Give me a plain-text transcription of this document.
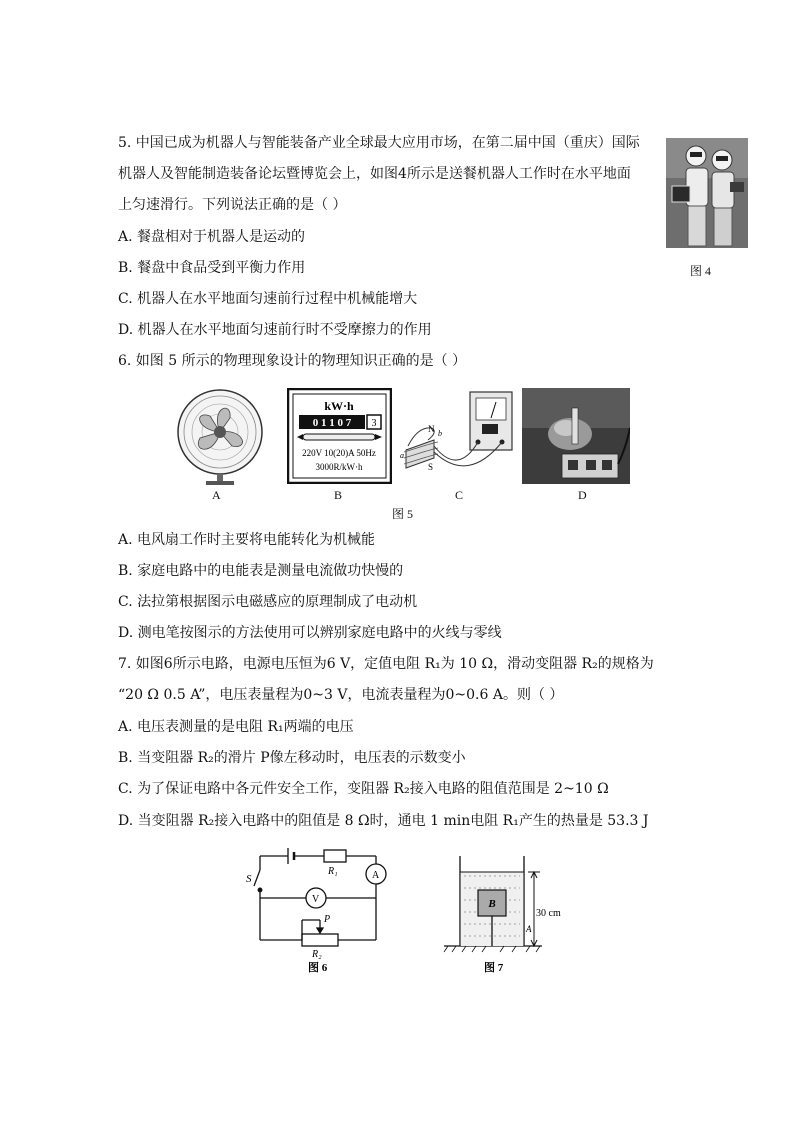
5. 中国已成为机器人与智能装备产业全球最大应用市场，在第二届中国（重庆）国际
机器人及智能制造装备论坛暨博览会上，如图4所示是送餐机器人工作时在水平地面
上匀速滑行。下列说法正确的是（ ）
A. 餐盘相对于机器人是运动的
B. 餐盘中食品受到平衡力作用
C. 机器人在水平地面匀速前行过程中机械能增大
D. 机器人在水平地面匀速前行时不受摩擦力的作用
图 4
6. 如图 5 所示的物理现象设计的物理知识正确的是（ ）
A
kW·h
0 1 1 0 7 3
220V 10(20)A 50Hz
3000R/kW·h
B
N
S
a
b
C	D
图 5
A. 电风扇工作时主要将电能转化为机械能
B. 家庭电路中的电能表是测量电流做功快慢的
C. 法拉第根据图示电磁感应的原理制成了电动机
D. 测电笔按图示的方法使用可以辨别家庭电路中的火线与零线
7. 如图6所示电路，电源电压恒为6 V，定值电阻 R₁为 10 Ω，滑动变阻器 R₂的规格为
“20 Ω 0.5 A”，电压表量程为0~3 V，电流表量程为0~0.6 A。则（ ）
A. 电压表测量的是电阻 R₁两端的电压
B. 当变阻器 R₂的滑片 P像左移动时，电压表的示数变小
C. 为了保证电路中各元件安全工作，变阻器 R₂接入电路的阻值范围是 2~10 Ω
D. 当变阻器 R₂接入电路中的阻值是 8 Ω时，通电 1 min电阻 R₁产生的热量是 53.3 J
S
R₁	A
V
P
R₂
图 6
B
A
30 cm
图 7
